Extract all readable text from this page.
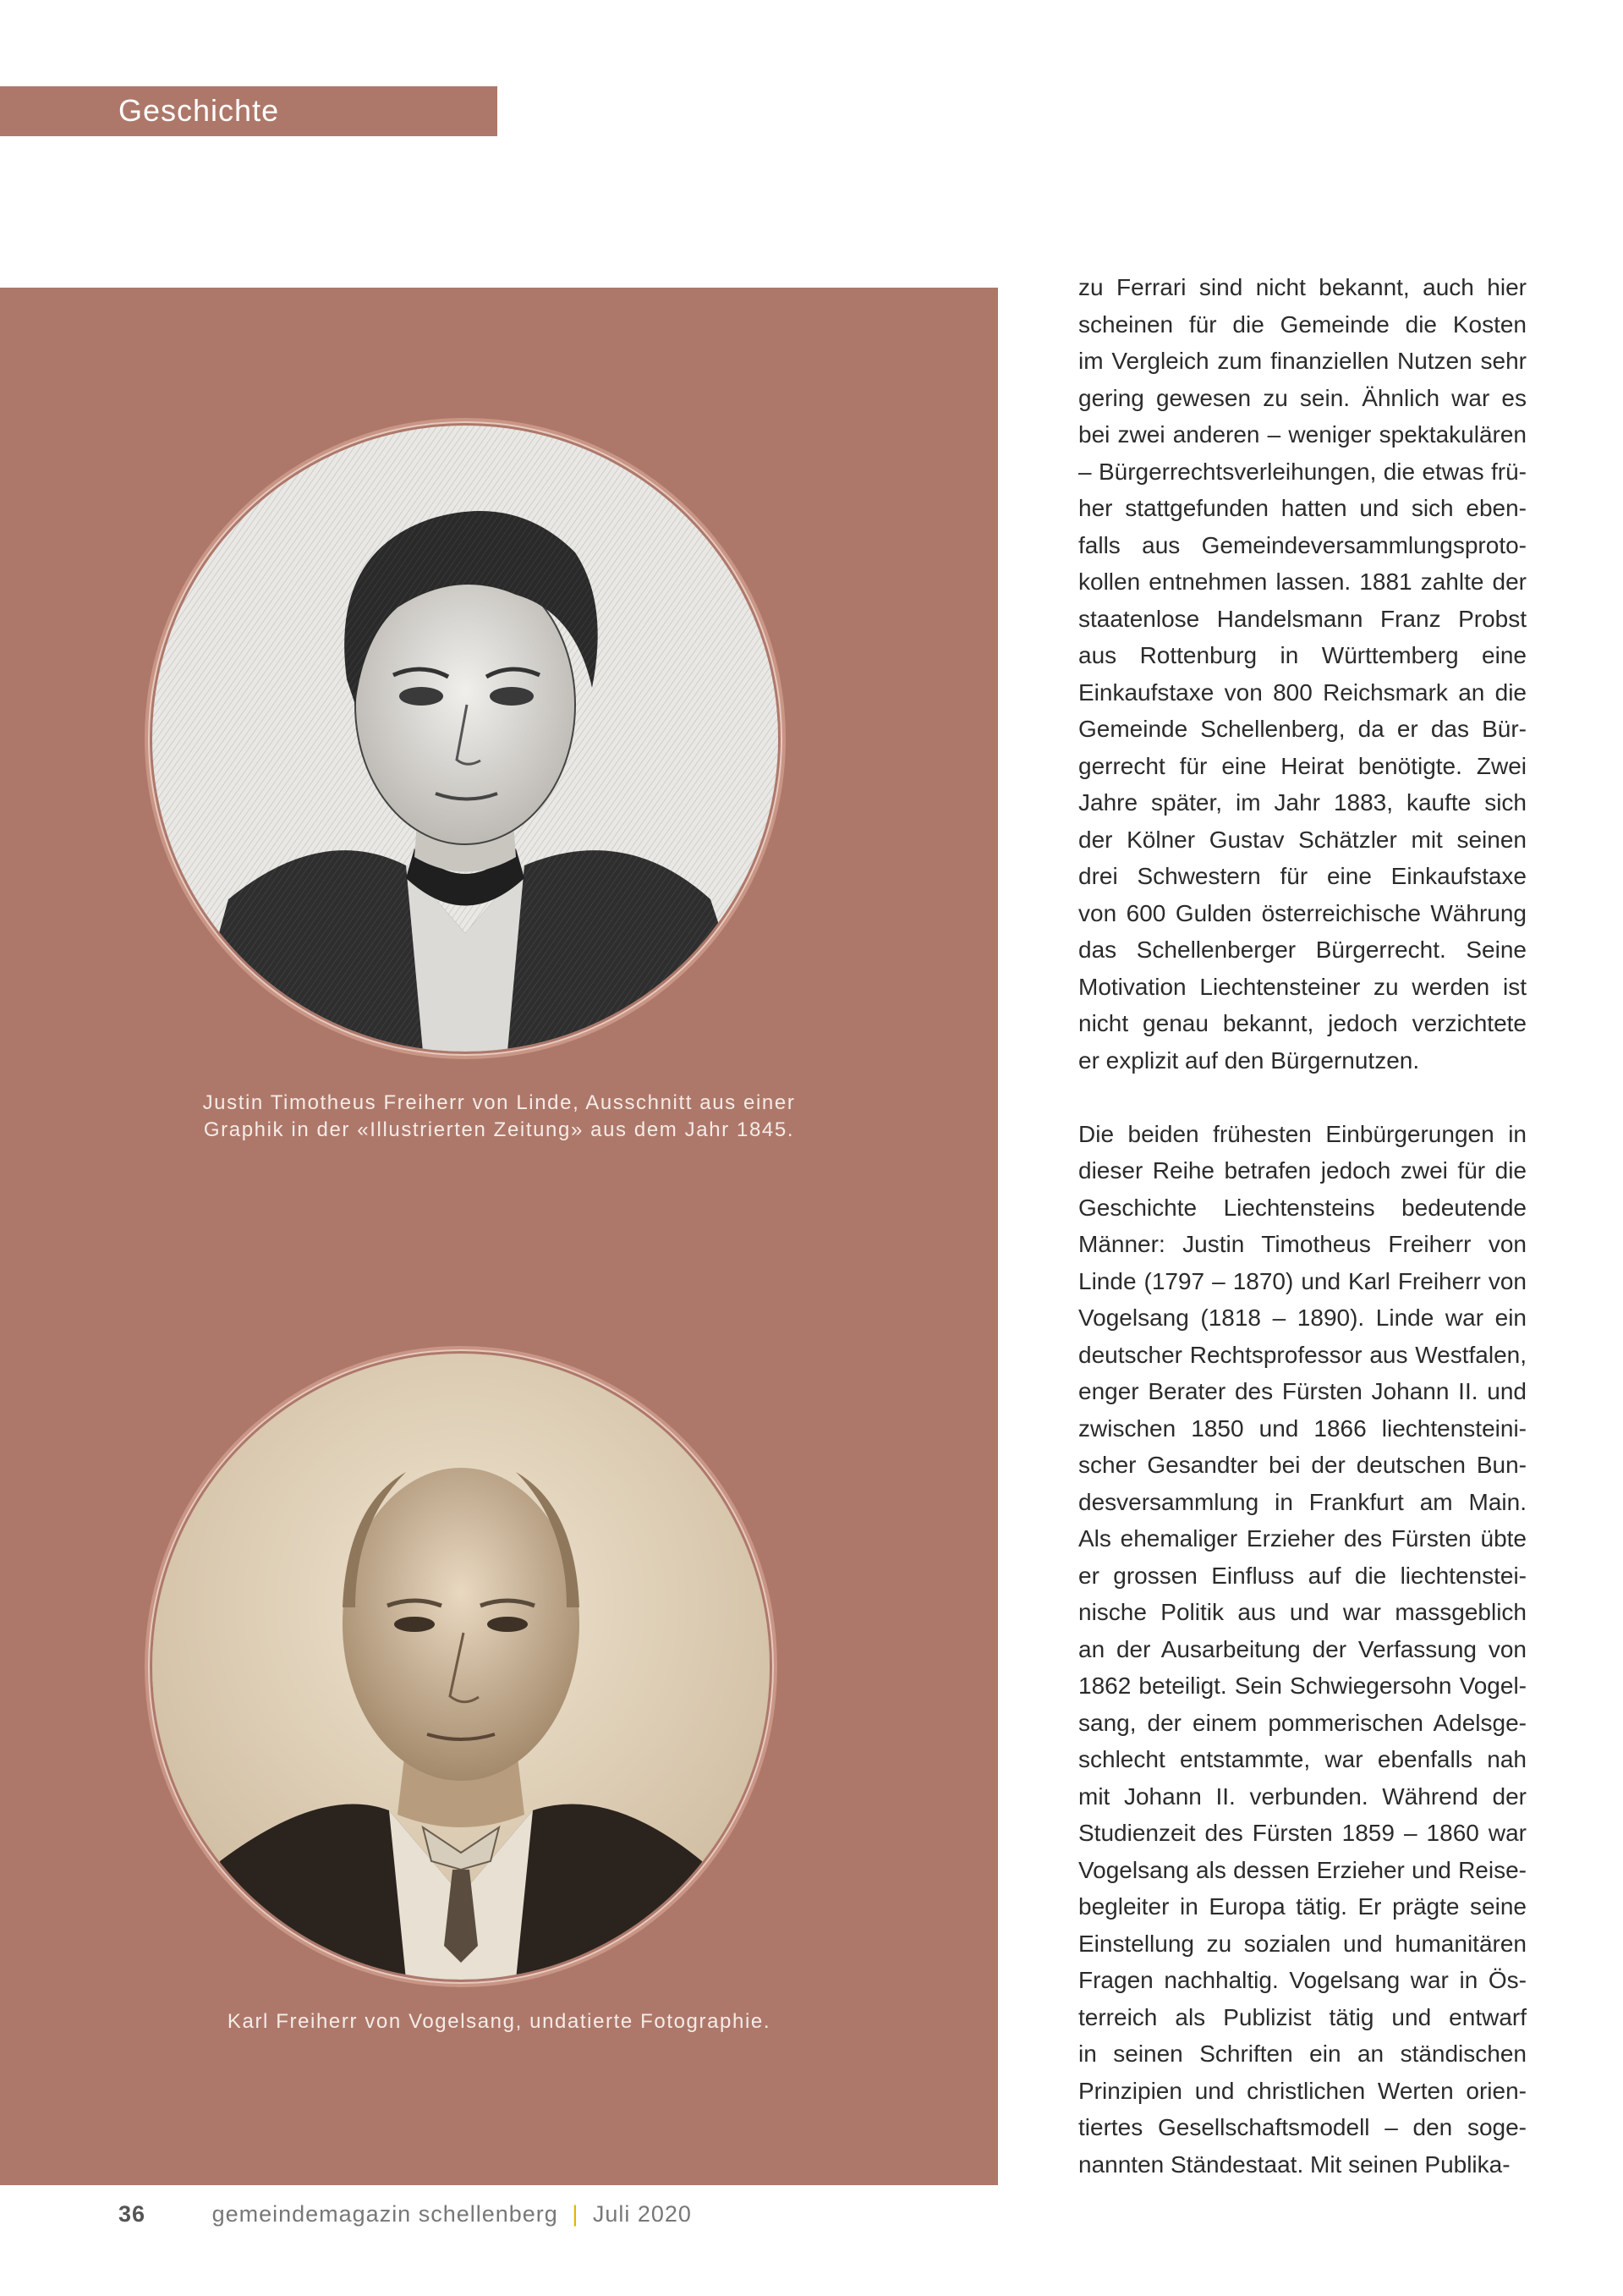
Geschichte
Justin Timotheus Freiherr von Linde, Ausschnitt aus einer
Graphik in der «Illustrierten Zeitung» aus dem Jahr 1845.
Karl Freiherr von Vogelsang, undatierte Fotographie.

zu Ferrari sind nicht bekannt, auch hier

scheinen für die Gemeinde die Kosten

im Vergleich zum finanziellen Nutzen sehr

gering gewesen zu sein. Ähnlich war es

bei zwei anderen – weniger spektakulären

– Bürgerrechtsverleihungen, die etwas frü-

her stattgefunden hatten und sich eben-

falls aus Gemeindeversammlungsproto-

kollen entnehmen lassen. 1881 zahlte der

staatenlose Handelsmann Franz Probst

aus Rottenburg in Württemberg eine

Einkaufstaxe von 800 Reichsmark an die

Gemeinde Schellenberg, da er das Bür-

gerrecht für eine Heirat benötigte. Zwei

Jahre später, im Jahr 1883, kaufte sich

der Kölner Gustav Schätzler mit seinen

drei Schwestern für eine Einkaufstaxe

von 600 Gulden österreichische Währung

das Schellenberger Bürgerrecht. Seine

Motivation Liechtensteiner zu werden ist

nicht genau bekannt, jedoch verzichtete

er explizit auf den Bürgernutzen.

Die beiden frühesten Einbürgerungen in

dieser Reihe betrafen jedoch zwei für die

Geschichte Liechtensteins bedeutende

Männer: Justin Timotheus Freiherr von

Linde (1797 – 1870) und Karl Freiherr von

Vogelsang (1818 – 1890). Linde war ein

deutscher Rechtsprofessor aus Westfalen,

enger Berater des Fürsten Johann II. und

zwischen 1850 und 1866 liechtensteini-

scher Gesandter bei der deutschen Bun-

desversammlung in Frankfurt am Main.

Als ehemaliger Erzieher des Fürsten übte

er grossen Einfluss auf die liechtenstei-

nische Politik aus und war massgeblich

an der Ausarbeitung der Verfassung von

1862 beteiligt. Sein Schwiegersohn Vogel-

sang, der einem pommerischen Adelsge-

schlecht entstammte, war ebenfalls nah

mit Johann II. verbunden. Während der

Studienzeit des Fürsten 1859 – 1860 war

Vogelsang als dessen Erzieher und Reise-

begleiter in Europa tätig. Er prägte seine

Einstellung zu sozialen und humanitären

Fragen nachhaltig. Vogelsang war in Ös-

terreich als Publizist tätig und entwarf

in seinen Schriften ein an ständischen

Prinzipien und christlichen Werten orien-

tiertes Gesellschaftsmodell – den soge-

nannten Ständestaat. Mit seinen Publika-

36	gemeindemagazin schellenberg | Juli 2020
